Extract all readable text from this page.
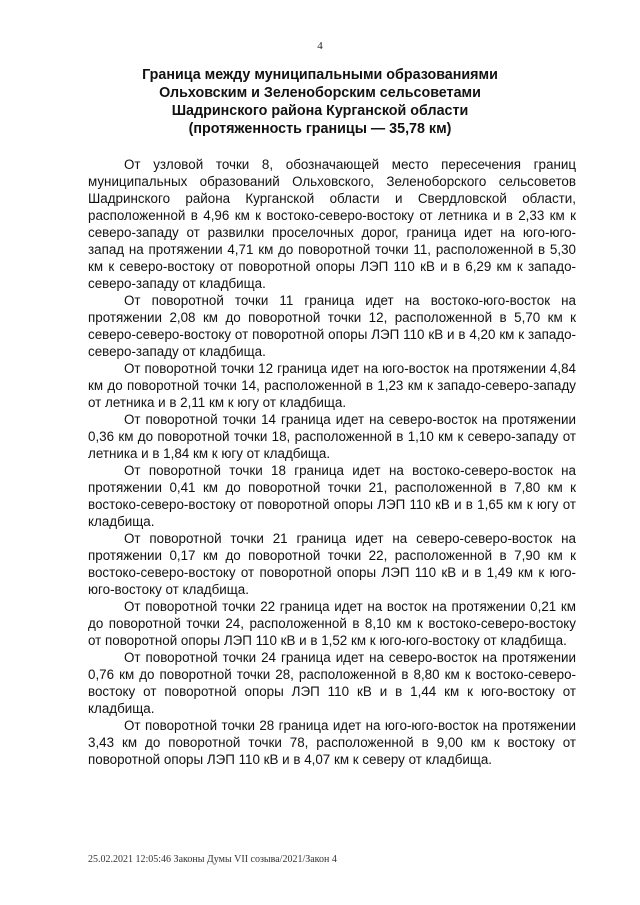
4
Граница между муниципальными образованиями
Ольховским и Зеленоборским сельсоветами
Шадринского района Курганской области
(протяженность границы — 35,78 км)

От узловой точки 8, обозначающей место пересечения границ муниципальных образований Ольховского, Зеленоборского сельсоветов Шадринского района Курганской области и Свердловской области, расположенной в 4,96 км к востоко-северо-востоку от летника и в 2,33 км к северо-западу от развилки проселочных дорог, граница идет на юго-юго-запад на протяжении 4,71 км до поворотной точки 11, расположенной в 5,30 км к северо-востоку от поворотной опоры ЛЭП 110 кВ и в 6,29 км к западо-северо-западу от кладбища.

От поворотной точки 11 граница идет на востоко-юго-восток на протяжении 2,08 км до поворотной точки 12, расположенной в 5,70 км к северо-северо-востоку от поворотной опоры ЛЭП 110 кВ и в 4,20 км к западо-северо-западу от кладбища.

От поворотной точки 12 граница идет на юго-восток на протяжении 4,84 км до поворотной точки 14, расположенной в 1,23 км к западо-северо-западу от летника и в 2,11 км к югу от кладбища.

От поворотной точки 14 граница идет на северо-восток на протяжении 0,36 км до поворотной точки 18, расположенной в 1,10 км к северо-западу от летника и в 1,84 км к югу от кладбища.

От поворотной точки 18 граница идет на востоко-северо-восток на протяжении 0,41 км до поворотной точки 21, расположенной в 7,80 км к востоко-северо-востоку от поворотной опоры ЛЭП 110 кВ и в 1,65 км к югу от кладбища.

От поворотной точки 21 граница идет на северо-северо-восток на протяжении 0,17 км до поворотной точки 22, расположенной в 7,90 км к востоко-северо-востоку от поворотной опоры ЛЭП 110 кВ и в 1,49 км к юго-юго-востоку от кладбища.

От поворотной точки 22 граница идет на восток на протяжении 0,21 км до поворотной точки 24, расположенной в 8,10 км к востоко-северо-востоку от поворотной опоры ЛЭП 110 кВ и в 1,52 км к юго-юго-востоку от кладбища.

От поворотной точки 24 граница идет на северо-восток на протяжении 0,76 км до поворотной точки 28, расположенной в 8,80 км к востоко-северо-востоку от поворотной опоры ЛЭП 110 кВ и в 1,44 км к юго-востоку от кладбища.

От поворотной точки 28 граница идет на юго-юго-восток на протяжении 3,43 км до поворотной точки 78, расположенной в 9,00 км к востоку от поворотной опоры ЛЭП 110 кВ и в 4,07 км к северу от кладбища.

25.02.2021 12:05:46 Законы Думы VII созыва/2021/Закон 4
